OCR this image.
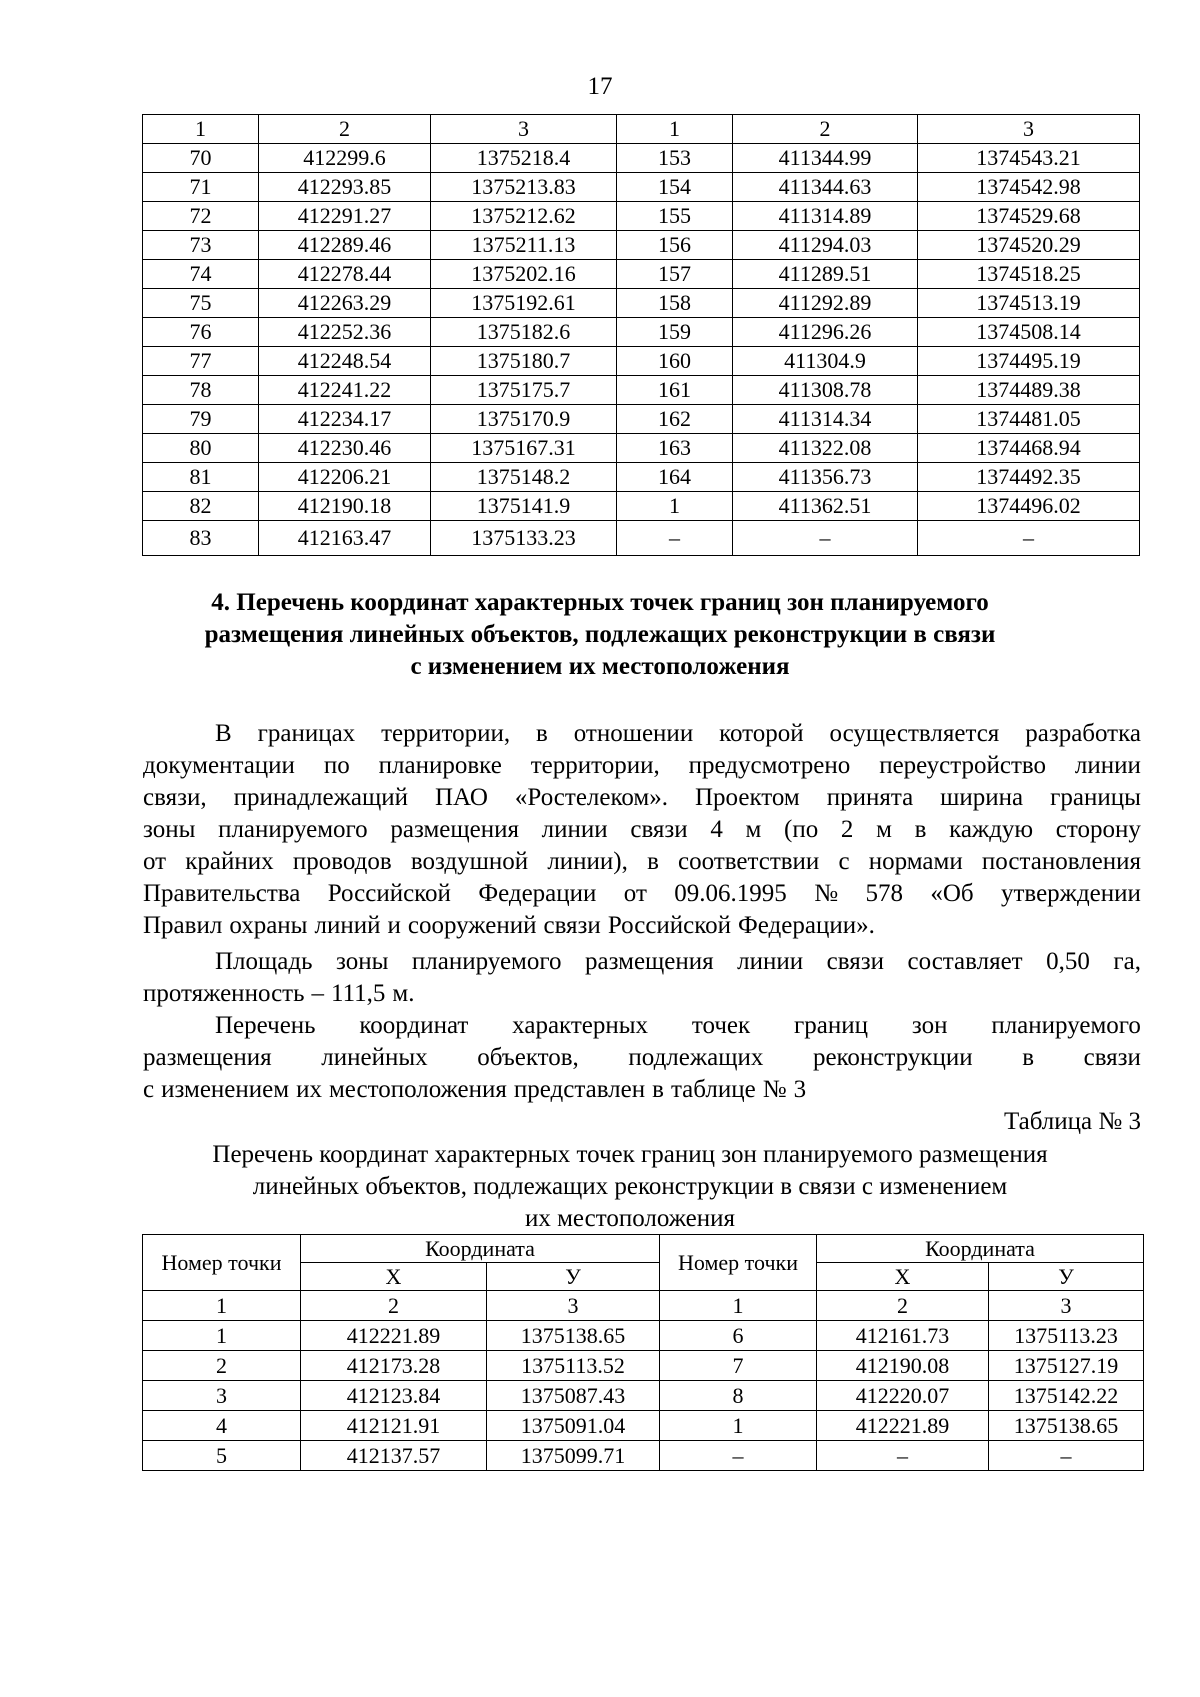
17
1	2	3	1	2	3
70	412299.6	1375218.4	153	411344.99	1374543.21
71	412293.85	1375213.83	154	411344.63	1374542.98
72	412291.27	1375212.62	155	411314.89	1374529.68
73	412289.46	1375211.13	156	411294.03	1374520.29
74	412278.44	1375202.16	157	411289.51	1374518.25
75	412263.29	1375192.61	158	411292.89	1374513.19
76	412252.36	1375182.6	159	411296.26	1374508.14
77	412248.54	1375180.7	160	411304.9	1374495.19
78	412241.22	1375175.7	161	411308.78	1374489.38
79	412234.17	1375170.9	162	411314.34	1374481.05
80	412230.46	1375167.31	163	411322.08	1374468.94
81	412206.21	1375148.2	164	411356.73	1374492.35
82	412190.18	1375141.9	1	411362.51	1374496.02
83	412163.47	1375133.23	–	–	–
4. Перечень координат характерных точек границ зон планируемого
размещения линейных объектов, подлежащих реконструкции в связи
с изменением их местоположения
В границах территории, в отношении которой осуществляется разработка
документации по планировке территории, предусмотрено переустройство линии
связи, принадлежащий ПАО «Ростелеком». Проектом принята ширина границы
зоны планируемого размещения линии связи 4 м (по 2 м в каждую сторону
от крайних проводов воздушной линии), в соответствии с нормами постановления
Правительства Российской Федерации от 09.06.1995 № 578 «Об утверждении
Правил охраны линий и сооружений связи Российской Федерации».
Площадь зоны планируемого размещения линии связи составляет 0,50 га,
протяженность – 111,5 м.
Перечень координат характерных точек границ зон планируемого
размещения линейных объектов, подлежащих реконструкции в связи
с изменением их местоположения представлен в таблице № 3
Таблица № 3
Перечень координат характерных точек границ зон планируемого размещения
линейных объектов, подлежащих реконструкции в связи с изменением
их местоположения
Номер точки	Координата		Номер точки	Координата	
	Х	У		Х	У
1	2	3	1	2	3
1	412221.89	1375138.65	6	412161.73	1375113.23
2	412173.28	1375113.52	7	412190.08	1375127.19
3	412123.84	1375087.43	8	412220.07	1375142.22
4	412121.91	1375091.04	1	412221.89	1375138.65
5	412137.57	1375099.71	–	–	–
